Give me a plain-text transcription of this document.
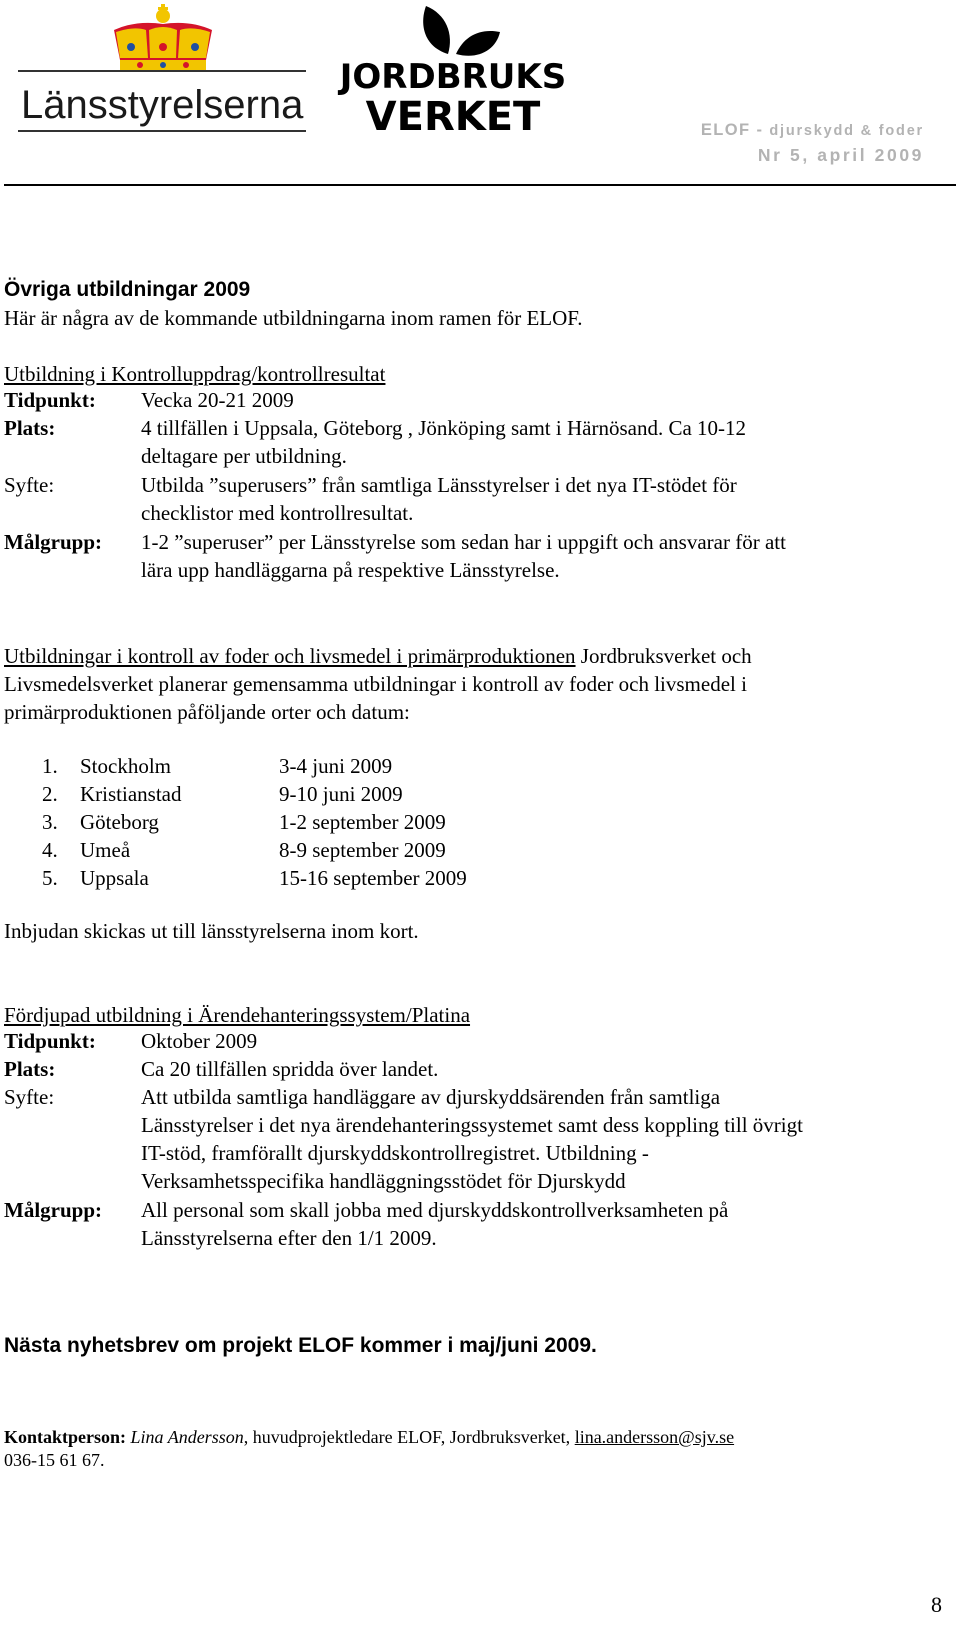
Länsstyrelserna
JORDBRUKS
VERKET	ELOF - djurskydd & foder
Nr 5, april 2009
Övriga utbildningar 2009
Här är några av de kommande utbildningarna inom ramen för ELOF.
Utbildning i Kontrolluppdrag/kontrollresultat
Tidpunkt: Vecka 20-21 2009
Plats:	4 tillfällen i Uppsala, Göteborg , Jönköping samt i Härnösand. Ca 10-12
deltagare per utbildning.
Syfte:	Utbilda ”superusers” från samtliga Länsstyrelser i det nya IT-stödet för
checklistor med kontrollresultat.
Målgrupp: 1-2 ”superuser” per Länsstyrelse som sedan har i uppgift och ansvarar för att
lära upp handläggarna på respektive Länsstyrelse.
Utbildningar i kontroll av foder och livsmedel i primärproduktionen Jordbruksverket och
Livsmedelsverket planerar gemensamma utbildningar i kontroll av foder och livsmedel i
primärproduktionen påföljande orter och datum:
1. Stockholm	3-4 juni 2009
2. Kristianstad	9-10 juni 2009
3. Göteborg	1-2 september 2009
4. Umeå	8-9 september 2009
5. Uppsala	15-16 september 2009
Inbjudan skickas ut till länsstyrelserna inom kort.
Fördjupad utbildning i Ärendehanteringssystem/Platina
Tidpunkt: Oktober 2009
Plats:	Ca 20 tillfällen spridda över landet.
Syfte:	Att utbilda samtliga handläggare av djurskyddsärenden från samtliga
Länsstyrelser i det nya ärendehanteringssystemet samt dess koppling till övrigt
IT-stöd, framförallt djurskyddskontrollregistret. Utbildning -
Verksamhetsspecifika handläggningsstödet för Djurskydd
Målgrupp: All personal som skall jobba med djurskyddskontrollverksamheten på
Länsstyrelserna efter den 1/1 2009.
Nästa nyhetsbrev om projekt ELOF kommer i maj/juni 2009.
Kontaktperson: Lina Andersson, huvudprojektledare ELOF, Jordbruksverket, lina.andersson@sjv.se
036-15 61 67.
8
